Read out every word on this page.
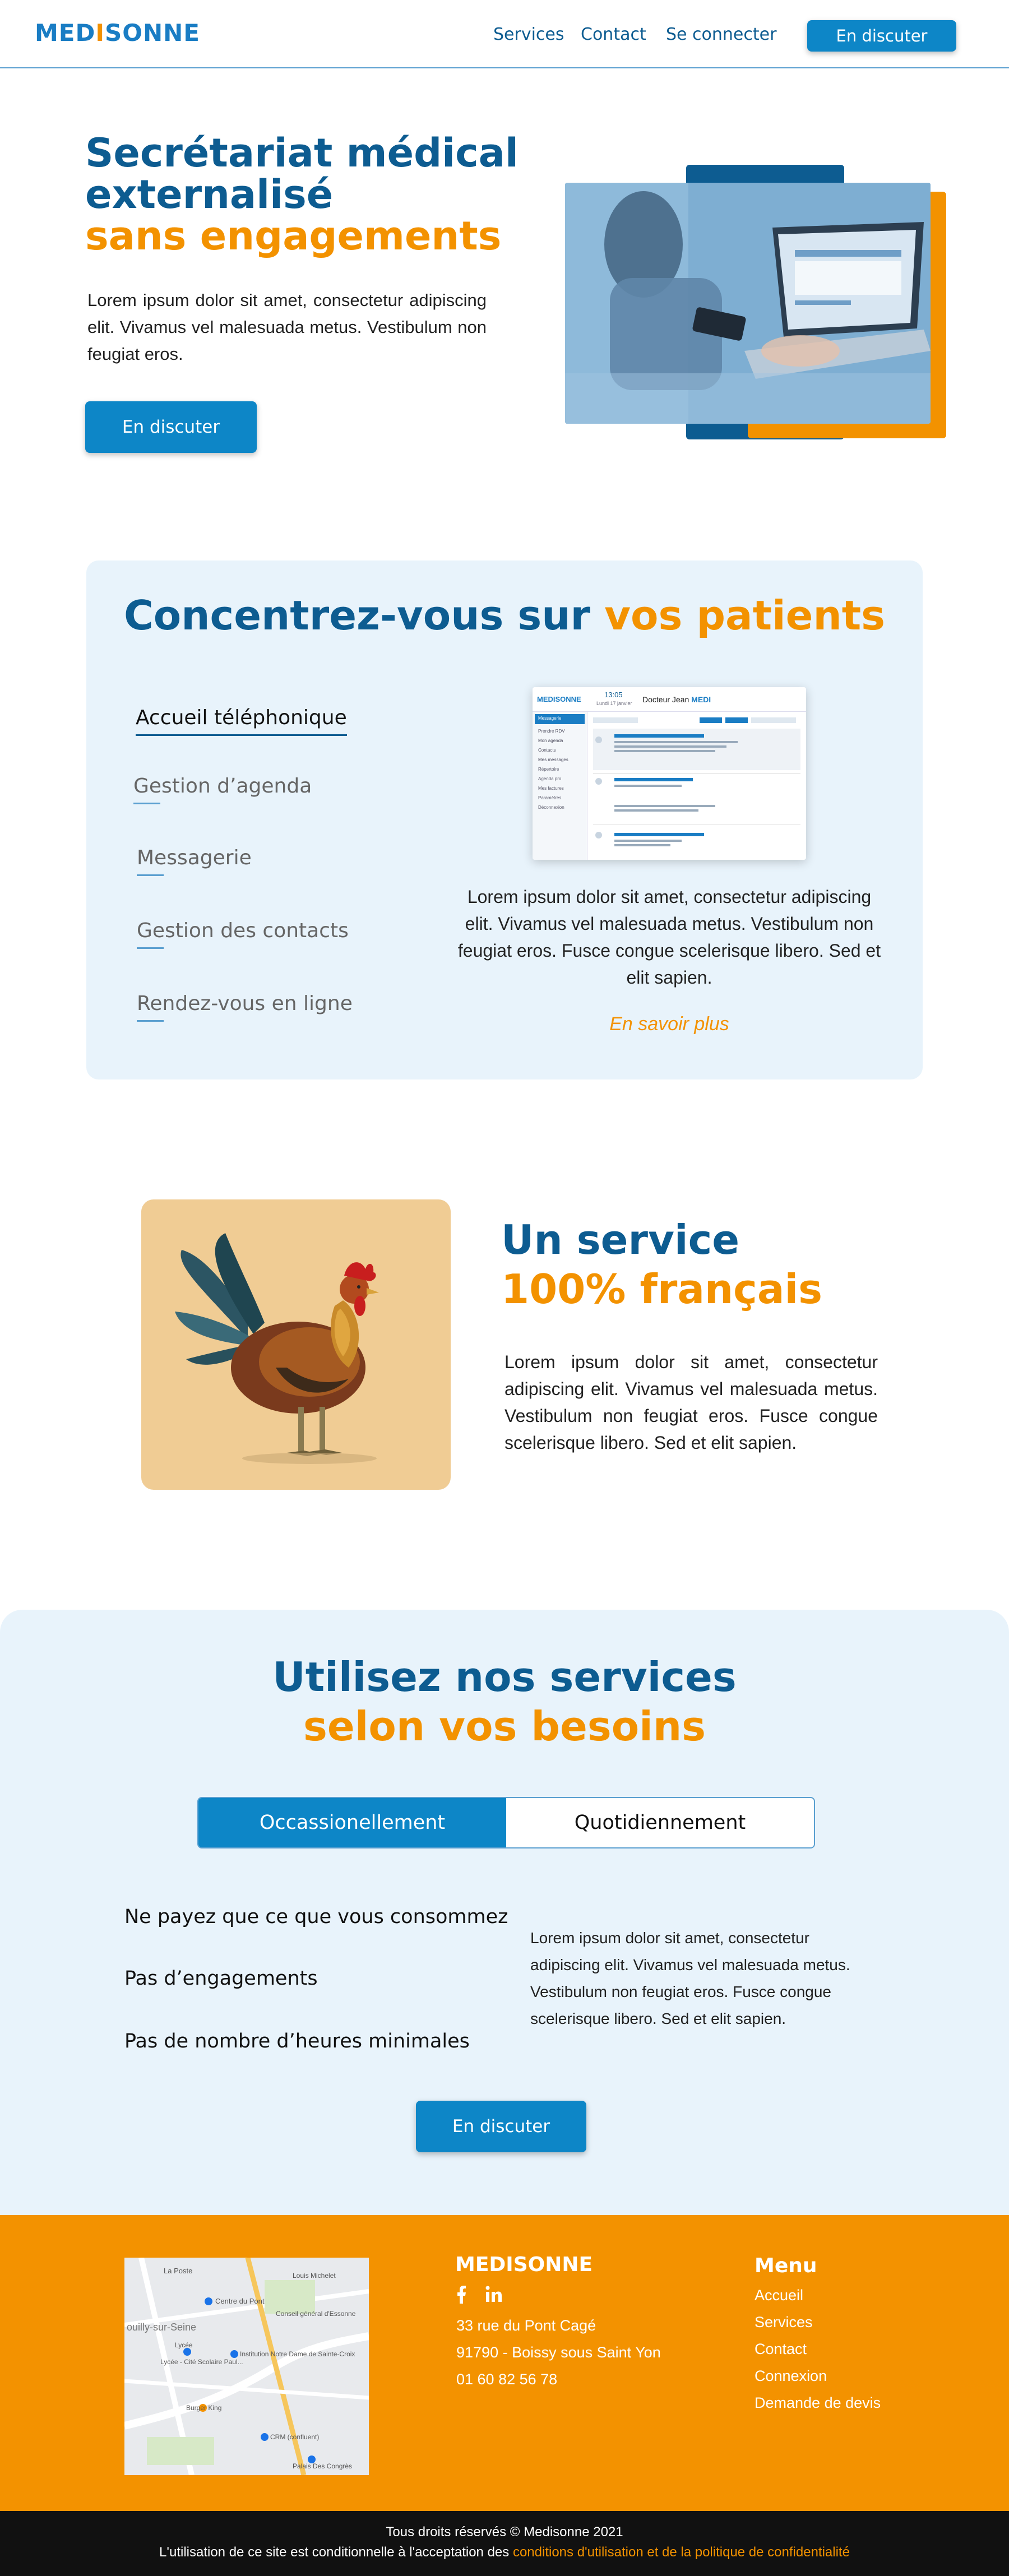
MEDISONNE	Services Contact Se connecter	En discuter
Secrétariat médical
externalisé
sans engagements

Lorem ipsum dolor sit amet, consectetur adipiscing elit. Vivamus vel malesuada metus. Vestibulum non feugiat eros.

En discuter
Concentrez-vous sur vos patients
Accueil téléphonique
Gestion d’agenda
Messagerie
Gestion des contacts
Rendez-vous en ligne
MEDISONNE
13:05
Lundi 17 janvier Docteur Jean MEDI
Messagerie
Prendre RDV
Mon agenda
Contacts
Mes messages
Répertoire
Agenda pro
Mes factures
Paramètres
Déconnexion

Lorem ipsum dolor sit amet, consectetur adipiscing elit. Vivamus vel malesuada metus. Vestibulum non feugiat eros. Fusce congue scelerisque libero. Sed et elit sapien.

En savoir plus
Un service
100% français

Lorem ipsum dolor sit amet, consectetur adipiscing elit. Vivamus vel malesuada metus. Vestibulum non feugiat eros. Fusce congue scelerisque libero. Sed et elit sapien.

Utilisez nos services
selon vos besoins
Occassionellement	Quotidiennement
Ne payez que ce que vous consommez
Pas d’engagements
Pas de nombre d’heures minimales

Lorem ipsum dolor sit amet, consectetur adipiscing elit. Vivamus vel malesuada metus. Vestibulum non feugiat eros. Fusce congue scelerisque libero. Sed et elit sapien.

En discuter
La Poste
Centre du Pont
Lycée - Cité Scolaire Paul...
Lycée
Institution Notre Dame de Sainte-Croix
Burger King
CRM (confluent)
Palais Des Congrès
Conseil général d'Essonne
Louis Michelet
ouilly-sur-Seine
MEDISONNE
33 rue du Pont Cagé
91790 - Boissy sous Saint Yon
01 60 82 56 78
Menu
Accueil
Services
Contact
Connexion
Demande de devis

Tous droits réservés © Medisonne 2021

L'utilisation de ce site est conditionnelle à l'acceptation des conditions d'utilisation et de la politique de confidentialité
